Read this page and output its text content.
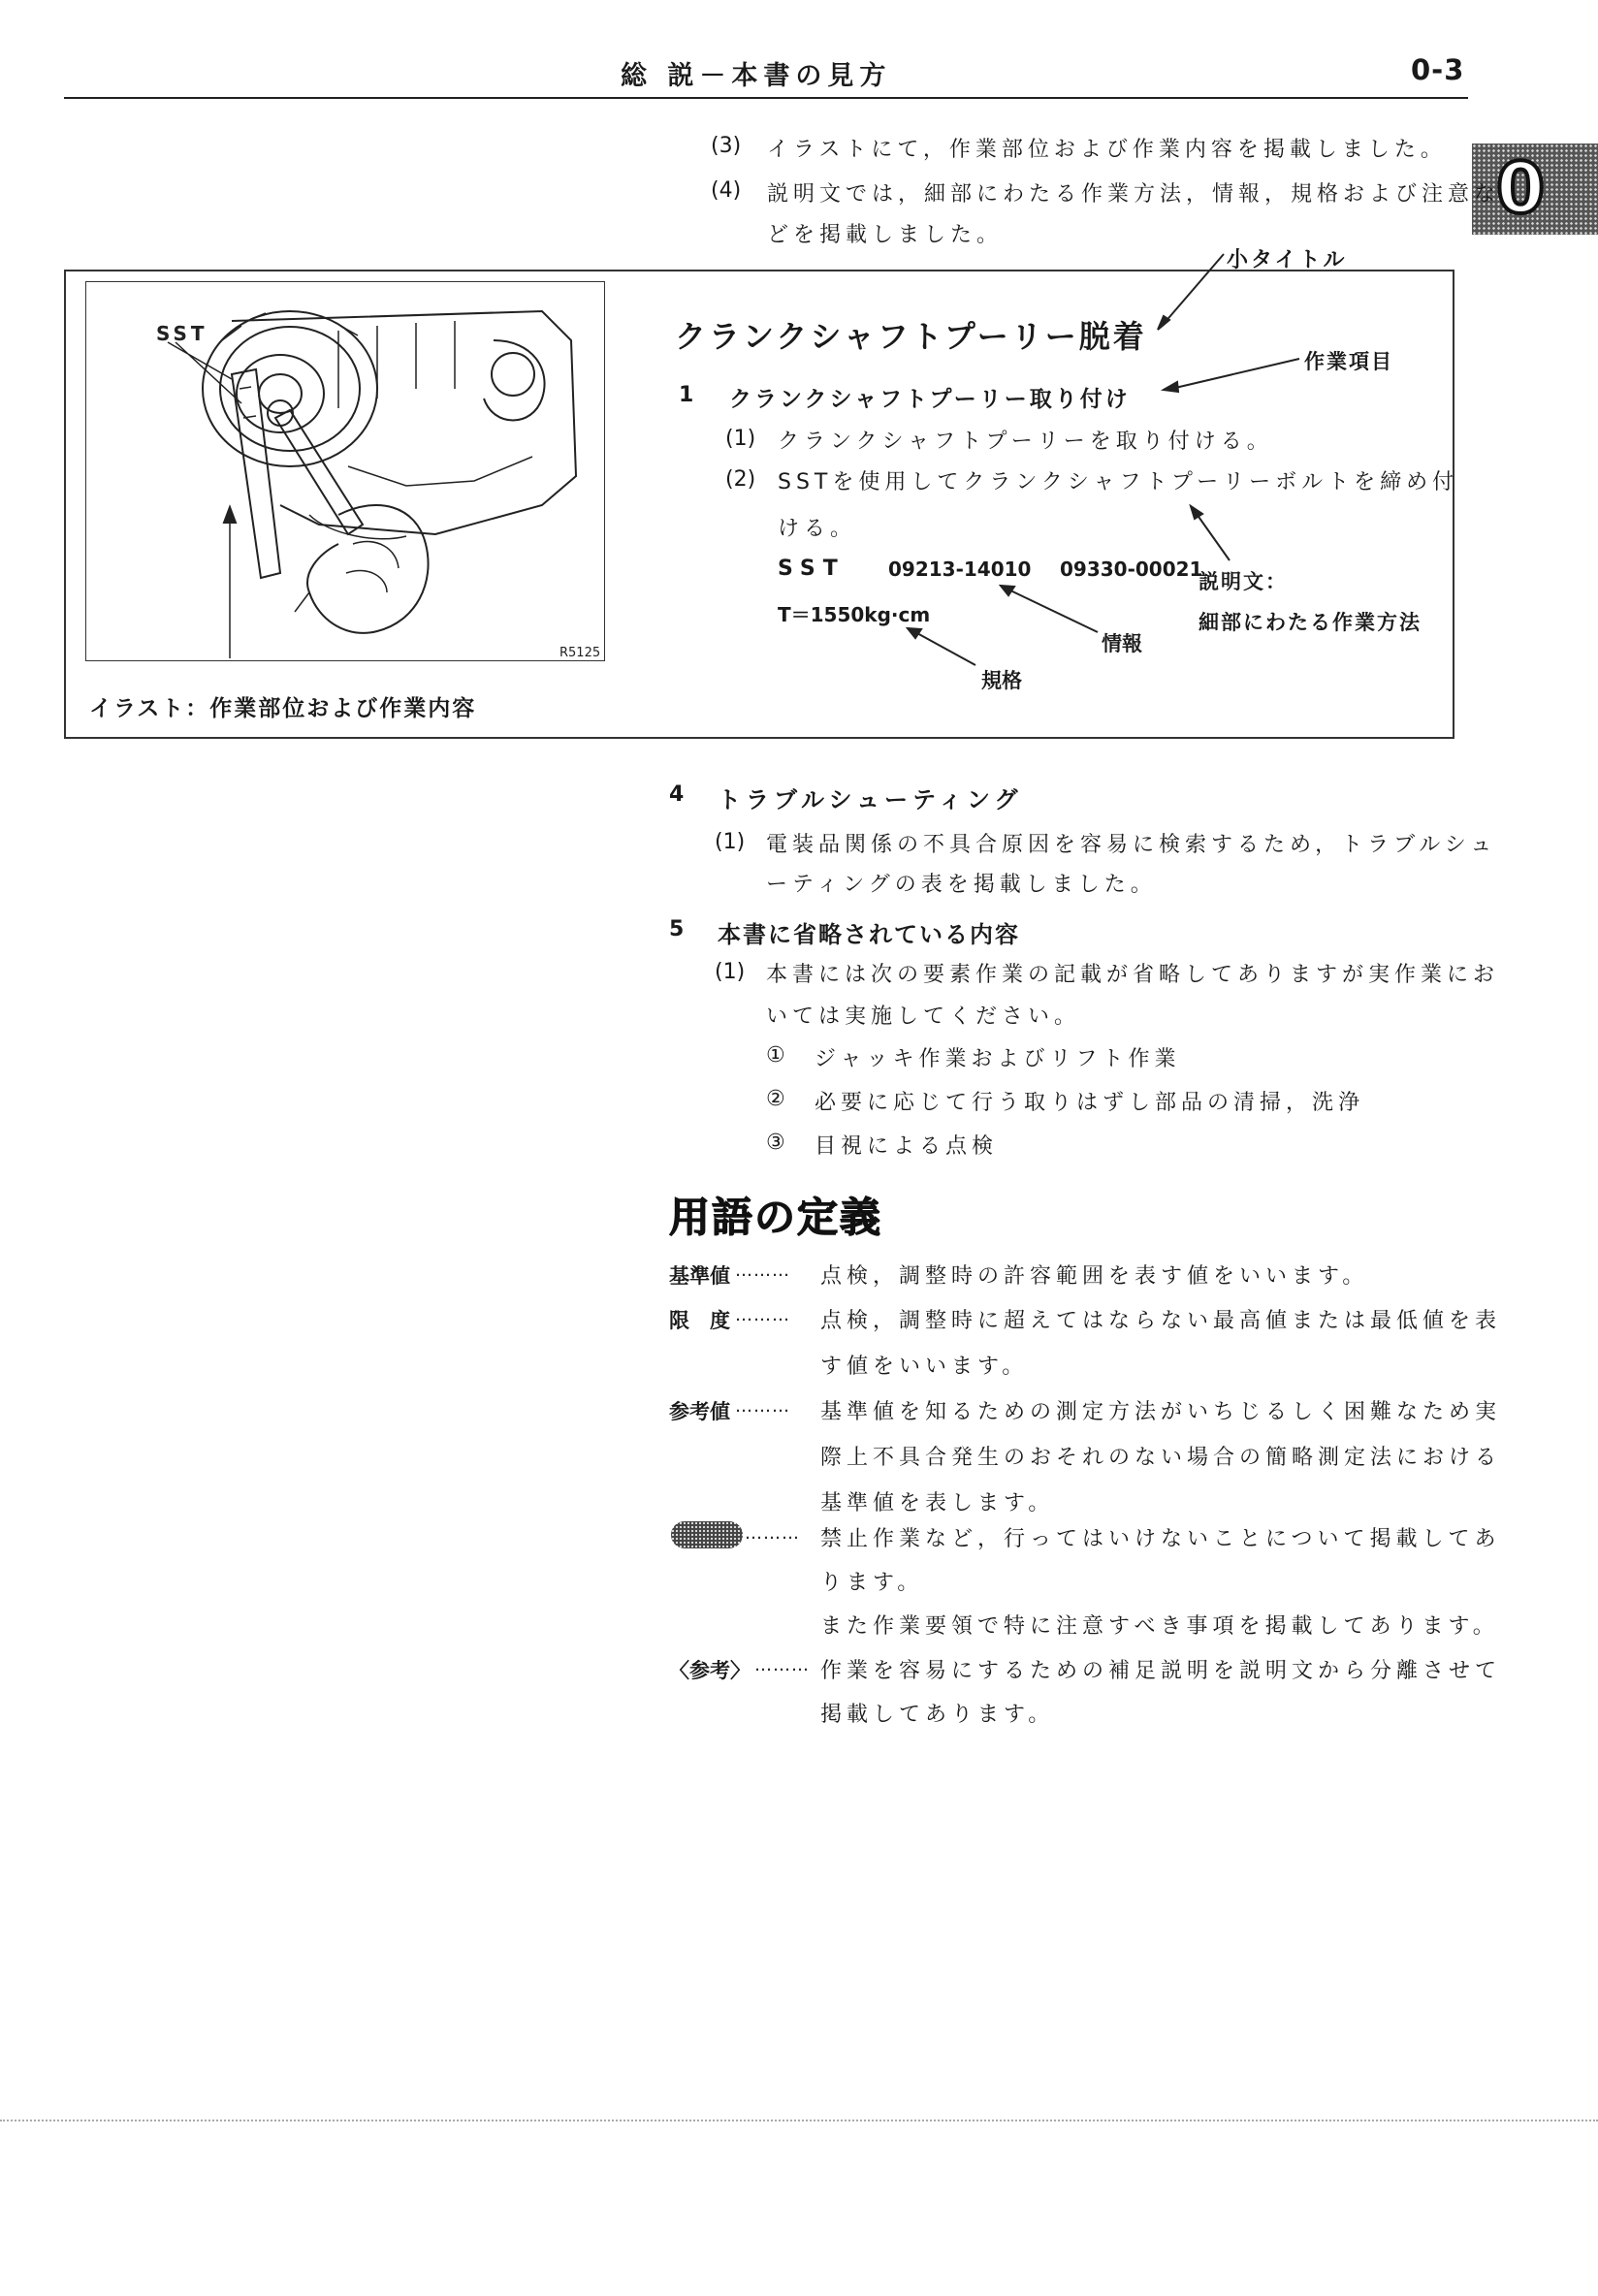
総 説－本書の見方	0-3
0
(3) イラストにて，作業部位および作業内容を掲載しました。
(4) 説明文では，細部にわたる作業方法，情報，規格および注意な
どを掲載しました。
SST
R5125
イラスト：作業部位および作業内容
クランクシャフトプーリー脱着
小タイトル
1 クランクシャフトプーリー取り付け
作業項目
(1) クランクシャフトプーリーを取り付ける。
(2) SSTを使用してクランクシャフトプーリーボルトを締め付
ける。
SST 09213-14010 09330-00021
T＝1550kg·cm
説明文：
細部にわたる作業方法
情報
規格
4 トラブルシューティング
(1) 電装品関係の不具合原因を容易に検索するため，トラブルシュ
ーティングの表を掲載しました。
5 本書に省略されている内容
(1) 本書には次の要素作業の記載が省略してありますが実作業にお
いては実施してください。
① ジャッキ作業およびリフト作業
② 必要に応じて行う取りはずし部品の清掃，洗浄
③ 目視による点検
用語の定義
基準値 ……… 点検，調整時の許容範囲を表す値をいいます。
限　度 ……… 点検，調整時に超えてはならない最高値または最低値を表
す値をいいます。
参考値 ……… 基準値を知るための測定方法がいちじるしく困難なため実
際上不具合発生のおそれのない場合の簡略測定法における
基準値を表します。
……… 禁止作業など，行ってはいけないことについて掲載してあ
ります。
また作業要領で特に注意すべき事項を掲載してあります。
〈参考〉 ……… 作業を容易にするための補足説明を説明文から分離させて
掲載してあります。
